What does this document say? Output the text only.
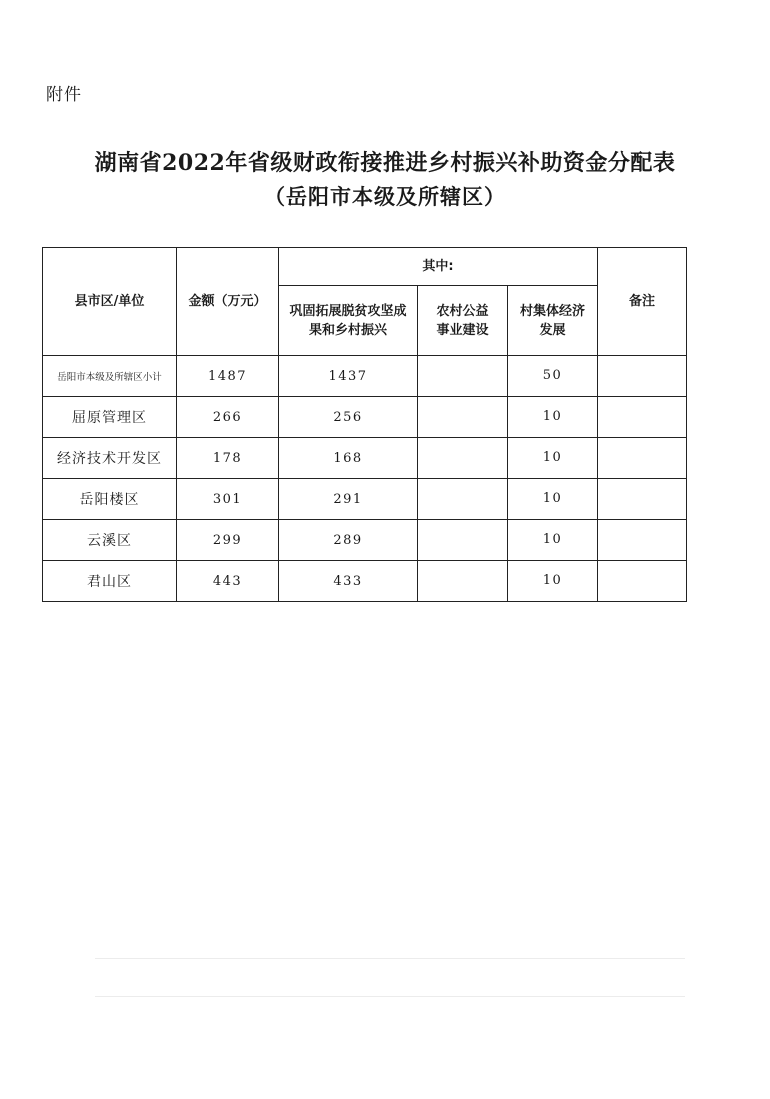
附件
湖南省2022年省级财政衔接推进乡村振兴补助资金分配表
（岳阳市本级及所辖区）
县市区/单位	金额（万元）	其中:			备注
		巩固拓展脱贫攻坚成果和乡村振兴	农村公益事业建设	村集体经济发展	
岳阳市本级及所辖区小计	1487	1437		50	
屈原管理区	266	256		10	
经济技术开发区	178	168		10	
岳阳楼区	301	291		10	
云溪区	299	289		10	
君山区	443	433		10	
